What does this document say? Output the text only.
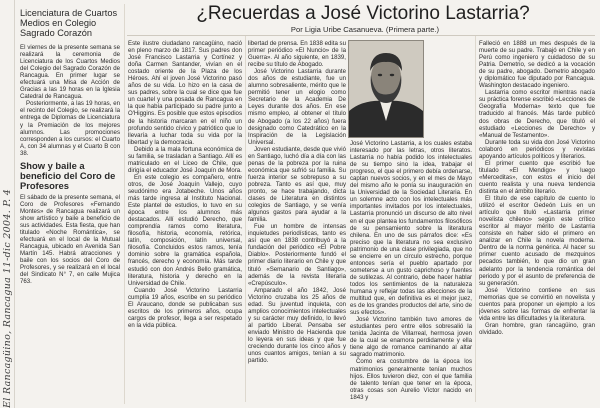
El Rancagüino, Rancagua 11-dic 2004. P. 4
Licenciatura de Cuartos Medios en Colegio Sagrado Corazón

El viernes de la presente semana se realizará la ceremonia de Licenciatura de los Cuartos Medios del Colegio del Sagrado Corazón de Rancagua. En primer lugar se efectuará una Misa de Acción de Gracias a las 19 horas en la Iglesia Catedral de Rancagua.

Posteriormente, a las 19 horas, en el recinto del Colegio, se realizará la entrega de Diplomas de Licenciatura y la Premiación de los mejores alumnos. Las promociones corresponden a los cursos: el Cuarto A, con 34 alumnas y el Cuarto B con 38.

Show y baile a beneficio del Coro de Profesores

El sábado de la presente semana, el Coro de Profesores «Fernando Montes» de Rancagua realizará un show artístico y baile a beneficio de sus actividades. Esta fiesta, que han titulado «Noche Romántica», se efectuará en el local de la Mutual Rancagua, ubicado en Avenida San Martín 145. Habrá atracciones y baile con los socios del Coro de Profesores, y se realizará en el local del Sindicato N° 7, en calle Mujica 763.

¿Recuerdas a José Victorino Lastarria?
Por Ligia Uribe Casanueva. (Primera parte.)

Este ilustre ciudadano rancagüino, nació en pleno marzo de 1817. Sus padres don José Francisco Lastarria y Cortínez y doña Carmen Santander, vivían en el costado oriente de la Plaza de los Héroes. Ahí el joven José Victorino pasó años de su vida. Lo hizo en la casa de sus padres, sobre la cual se dice que fue un cuartel y una posada de Rancagua en la que había participado su padre junto a O'Higgins. Es posible que estos episodios de la historia marcaran en el niño un profundo sentido cívico y patriótico que lo llevaría a luchar toda su vida por la libertad y la democracia.

Debido a la mala fortuna económica de su familia, se trasladan a Santiago. Allí es matriculado en el Liceo de Chile, que dirigía el educador José Joaquín de Mora.

En este colegio es compañero, entre otros, de José Joaquín Vallejo, cuyo seudónimo era Jotabeche. Unos años más tarde ingresa al Instituto Nacional. Este plantel de estudios, lo tuvo en su época entre los alumnos más destacados. Allí estudió Derecho, que comprendía ramos como literatura, filosofía, historia, economía, retórica, latín, composición, latín universal, filosofía. Concluidos estos ramos, tenía dominio sobre la gramática española, francés, derecho y economía. Más tarde estudió con don Andrés Bello gramática, literatura, historia y derecho en la Universidad de Chile.

Cuando José Victorino Lastarria cumplía 19 años, escribe en su periódico El Araucano, donde se publicaban sus escritos de los primeros años, ocupa cargos de profesor, llega a ser respetado en la vida pública.

libertad de prensa. En 1838 edita su primer periódico «El Nuncio» de la Guerra». Al año siguiente, en 1839, recibe su título de Abogado.

José Victorino Lastarria durante dos años de estudiante, fue un alumno sobresaliente, mérito que le permitió tener un elogio como Secretario de la Academia De Leyes durante dos años. En ese mismo empleo, al obtener el título de Abogado (a los 22 años) fuera designado como Catedrático en la Inspiración de la Legislación Universal.

Joven estudiante, desde que vivió en Santiago, luchó día a día con las penas de la pobreza por la ruina económica que sufrió su familia. Su fuerza interior se sobrepuso a su pobreza. Tanto es así que, muy pronto, se hace trabajando, dicta clases de Literatura en distintos colegios de Santiago, y se venía algunos gastos para ayudar a la familia.

Fue un hombre de intensas inquietudes periodísticas, tanto es así que en 1838 contribuyó a la fundación del periódico «El Pobre Diablo». Posteriormente fundó el primer diario literario en Chile y que tituló «Semanario de Santiago», además de la revista literaria «Crepúsculo».

Amparado el año 1842, José Victorino cruzaba los 25 años de edad. Su juventud inquieta, con amplios conocimientos intelectuales y su carácter muy definido, lo llevó al partido Liberal. Pensaba ser enviado Ministro de Hacienda que lo leyera en sus ideas y que fue creciendo durante los cinco años y unos cuantos amigos, tenían a su partido.

José Victorino Lastarria, a los cuales estaba interesado por las letras, otros literatos. Lastarria no había podido los intelectuales de su tiempo sino la idea, trabajar el progreso, el que el primero debía ordenarse, captan nuevos socios, y en el mes de Mayo del mismo año le ponía su inauguración en la Universidad de la Sociedad Literaria. En un solemne acto con los intelectuales más importantes invitados por los intelectuales, Lastarria pronunció un discurso de alto nivel en el que plantea los fundamentos filosóficos de su pensamiento sobre la literatura chilena. En uno de sus párrafos dice: «Es preciso que la literatura no sea exclusivo patrimonio de una clase privilegiada, que no se encierre en un círculo estrecho, porque entonces sería el pueblo apartado por someterse a un gusto caprichoso y fuentes de sutilezas. Al contrario, debe hacer hablar todos los sentimientos de la naturaleza humana y reflejar todas las afecciones de la multitud que, en definitiva es el mejor juez, es de los grandes productos del arte, sino de sus efectos».

José Victorino también tuvo amores de estudiantes pero entre ellos sobresalió la tenida Jacinta de Villarreal, hermosa joven de la cual se enamora perdidamente y ella tiene algo de romance caminando al altar sagrado matrimonio.

Como era costumbre de la época los matrimonios generalmente tenían muchos hijos. Ellos tuvieron diez, con el que familia de talento tenían que tener en la época, otras cosas son Aurelio Víctor nacido en 1843 y

Falleció en 1888 un mes después de la muerte de su padre. Trabajó en Chile y en Perú como ingeniero y cuidadoso de su Patria. Demetrio, se dedicó a la vocación de su padre, abogado. Demetrio abogado y diplomático fue diputado por Rancagua. Washington destacado ingeniero.

Lastarria como escritor mientras nacía su práctica forense escribió «Lecciones de Geografía Moderna» texto que fue traducido al francés. Más tarde publicó dos obras de Derecho, que tituló el estudiado «Lecciones de Derecho» y «Manual de Testamento».

Durante toda su vida don José Victorino colaboró en periódicos y revistas apoyando artículos políticos y literarios.

El primer cuento que escribió fue titulado «El Mendigo» y luego «Merceditas», con estos el inicio del cuento realista y una nueva tendencia distinta en el ámbito literario.

El título de ese capítulo de cuento lo utilizó el escritor Gedeón Luis en un artículo que tituló «Lastarria primer novelista chileno» según este crítico escritor al mayor mérito de Lastarria consiste en haber sido el primero en analizar en Chile la novela moderna. Dentro de la norma genérica. Al hacer su primer cuento acusado de mezquinos pecados también, lo que dio un gran adelanto por la tendencia romántica del periodo y por el asunto de preferencia de su generación.

José Victorino contiene en sus memorias que se convirtió en novelista y cuentos para proponer un ejemplo a los jóvenes sobre las formas de enfrentar la vida entre las dificultades y la literatura.

Gran hombre, gran rancagüino, gran olvidado.
